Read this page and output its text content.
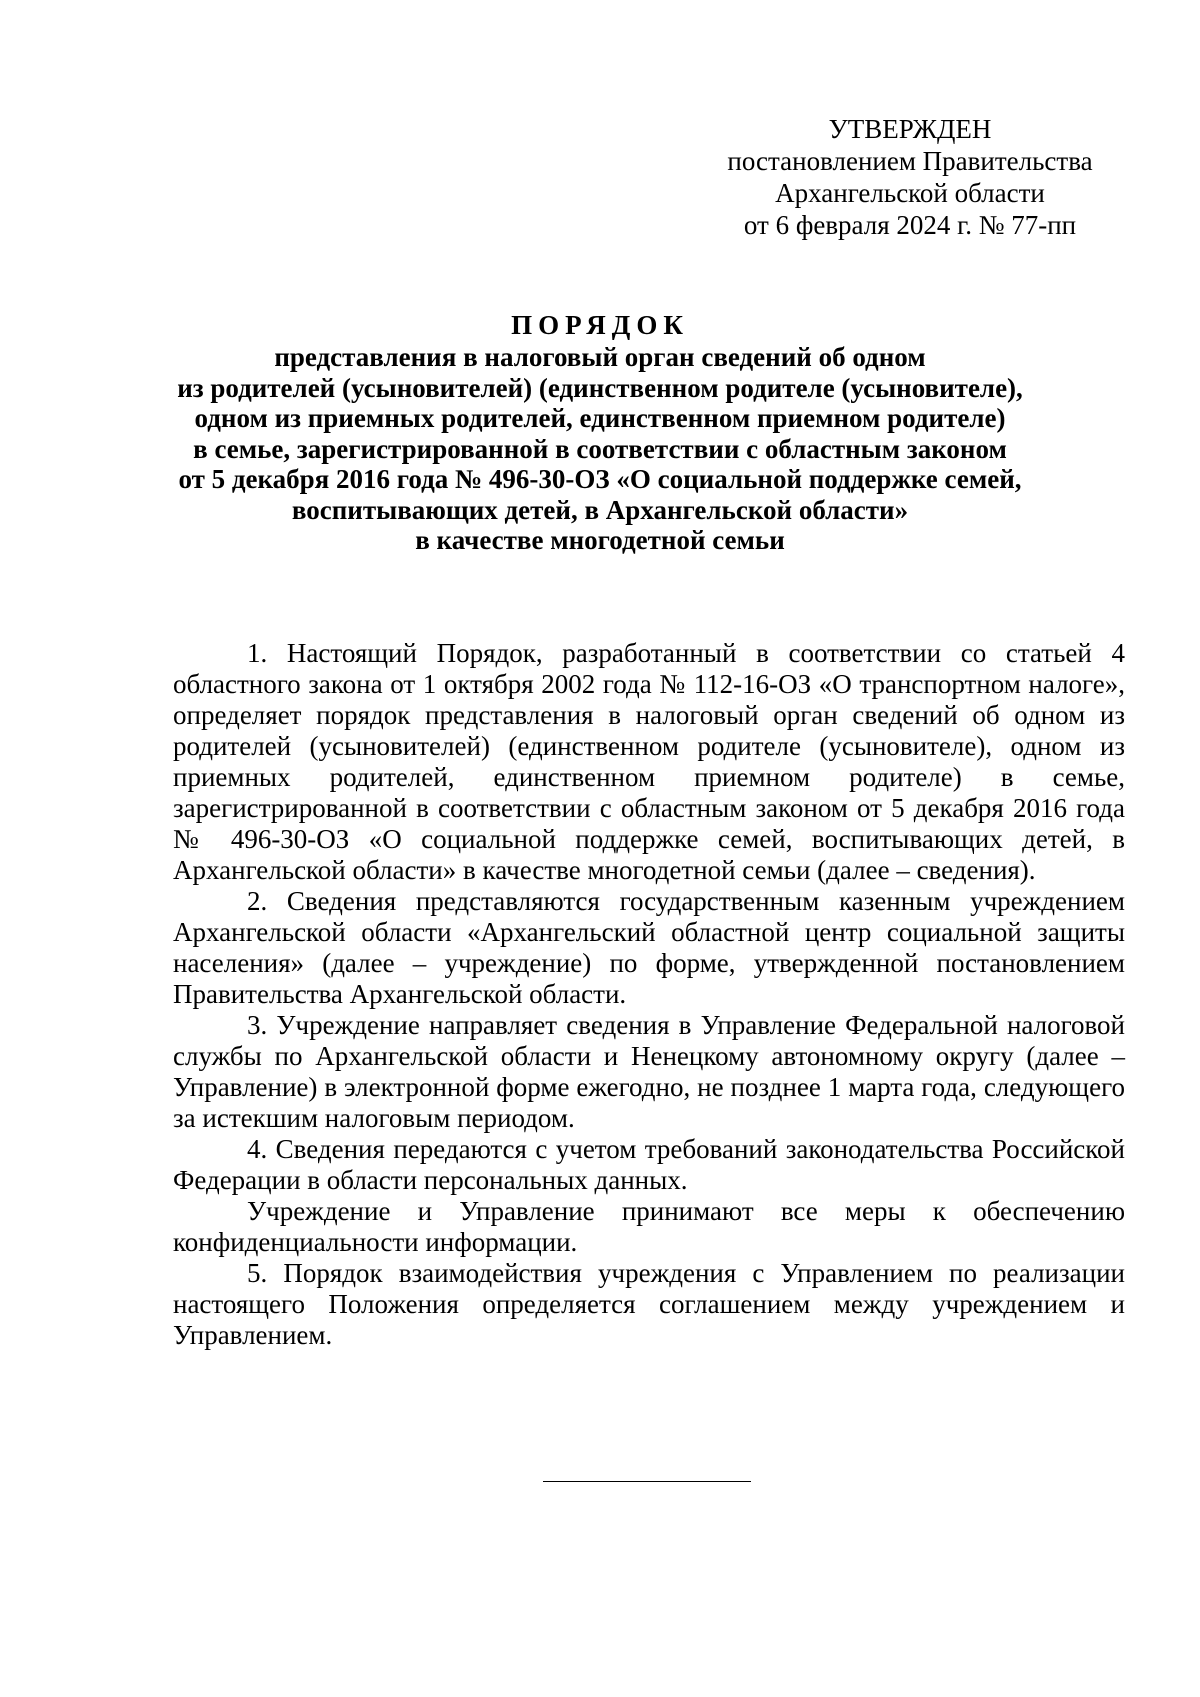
УТВЕРЖДЕН
постановлением Правительства
Архангельской области
от 6 февраля 2024 г. № 77-пп
ПОРЯДОК
представления в налоговый орган сведений об одном
из родителей (усыновителей) (единственном родителе (усыновителе),
одном из приемных родителей, единственном приемном родителе)
в семье, зарегистрированной в соответствии с областным законом
от 5 декабря 2016 года № 496-30-ОЗ «О социальной поддержке семей,
воспитывающих детей, в Архангельской области»
в качестве многодетной семьи

1. Настоящий Порядок, разработанный в соответствии со статьей 4 областного закона от 1 октября 2002 года № 112-16-ОЗ «О транспортном налоге», определяет порядок представления в налоговый орган сведений об одном из родителей (усыновителей) (единственном родителе (усыновителе), одном из приемных родителей, единственном приемном родителе) в семье, зарегистрированной в соответствии с областным законом от 5 декабря 2016 года № 496-30-ОЗ «О социальной поддержке семей, воспитывающих детей, в Архангельской области» в качестве многодетной семьи (далее – сведения).

2. Сведения представляются государственным казенным учреждением Архангельской области «Архангельский областной центр социальной защиты населения» (далее – учреждение) по форме, утвержденной постановлением Правительства Архангельской области.

3. Учреждение направляет сведения в Управление Федеральной налоговой службы по Архангельской области и Ненецкому автономному округу (далее – Управление) в электронной форме ежегодно, не позднее 1 марта года, следующего за истекшим налоговым периодом.

4. Сведения передаются с учетом требований законодательства Российской Федерации в области персональных данных.

Учреждение и Управление принимают все меры к обеспечению конфиденциальности информации.

5. Порядок взаимодействия учреждения с Управлением по реализации настоящего Положения определяется соглашением между учреждением и Управлением.
